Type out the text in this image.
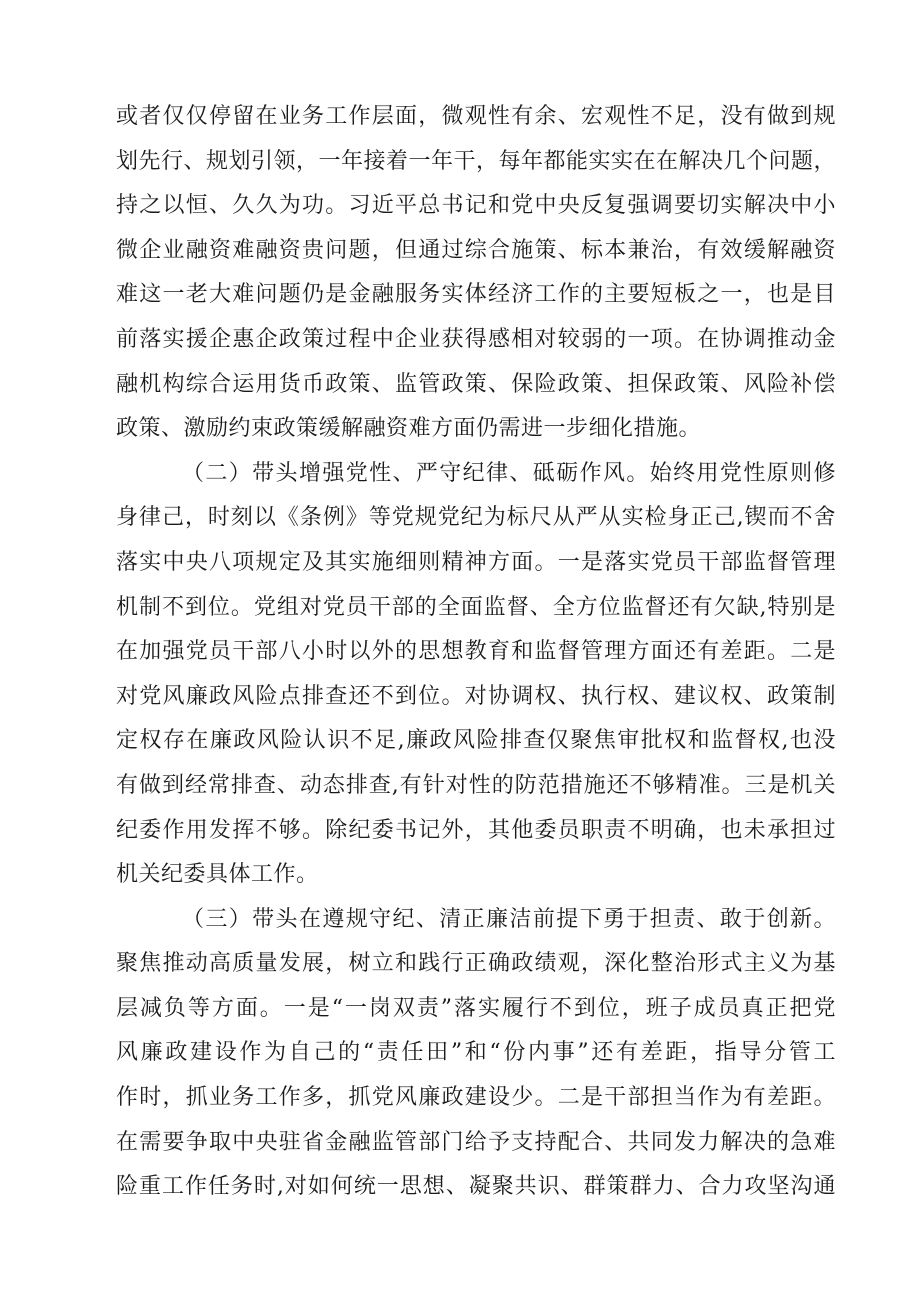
或者仅仅停留在业务工作层面，微观性有余、宏观性不足，没有做到规
划先行、规划引领，一年接着一年干，每年都能实实在在解决几个问题，
持之以恒、久久为功。习近平总书记和党中央反复强调要切实解决中小
微企业融资难融资贵问题，但通过综合施策、标本兼治，有效缓解融资
难这一老大难问题仍是金融服务实体经济工作的主要短板之一，也是目
前落实援企惠企政策过程中企业获得感相对较弱的一项。在协调推动金
融机构综合运用货币政策、监管政策、保险政策、担保政策、风险补偿
政策、激励约束政策缓解融资难方面仍需进一步细化措施。
（二）带头增强党性、严守纪律、砥砺作风。始终用党性原则修
身律己，时刻以《条例》等党规党纪为标尺从严从实检身正己,锲而不舍
落实中央八项规定及其实施细则精神方面。一是落实党员干部监督管理
机制不到位。党组对党员干部的全面监督、全方位监督还有欠缺,特别是
在加强党员干部八小时以外的思想教育和监督管理方面还有差距。二是
对党风廉政风险点排查还不到位。对协调权、执行权、建议权、政策制
定权存在廉政风险认识不足,廉政风险排查仅聚焦审批权和监督权,也没
有做到经常排查、动态排查,有针对性的防范措施还不够精准。三是机关
纪委作用发挥不够。除纪委书记外，其他委员职责不明确，也未承担过
机关纪委具体工作。
（三）带头在遵规守纪、清正廉洁前提下勇于担责、敢于创新。
聚焦推动高质量发展，树立和践行正确政绩观，深化整治形式主义为基
层减负等方面。一是“一岗双责”落实履行不到位，班子成员真正把党
风廉政建设作为自己的“责任田”和“份内事”还有差距，指导分管工
作时，抓业务工作多，抓党风廉政建设少。二是干部担当作为有差距。
在需要争取中央驻省金融监管部门给予支持配合、共同发力解决的急难
险重工作任务时,对如何统一思想、凝聚共识、群策群力、合力攻坚沟通
